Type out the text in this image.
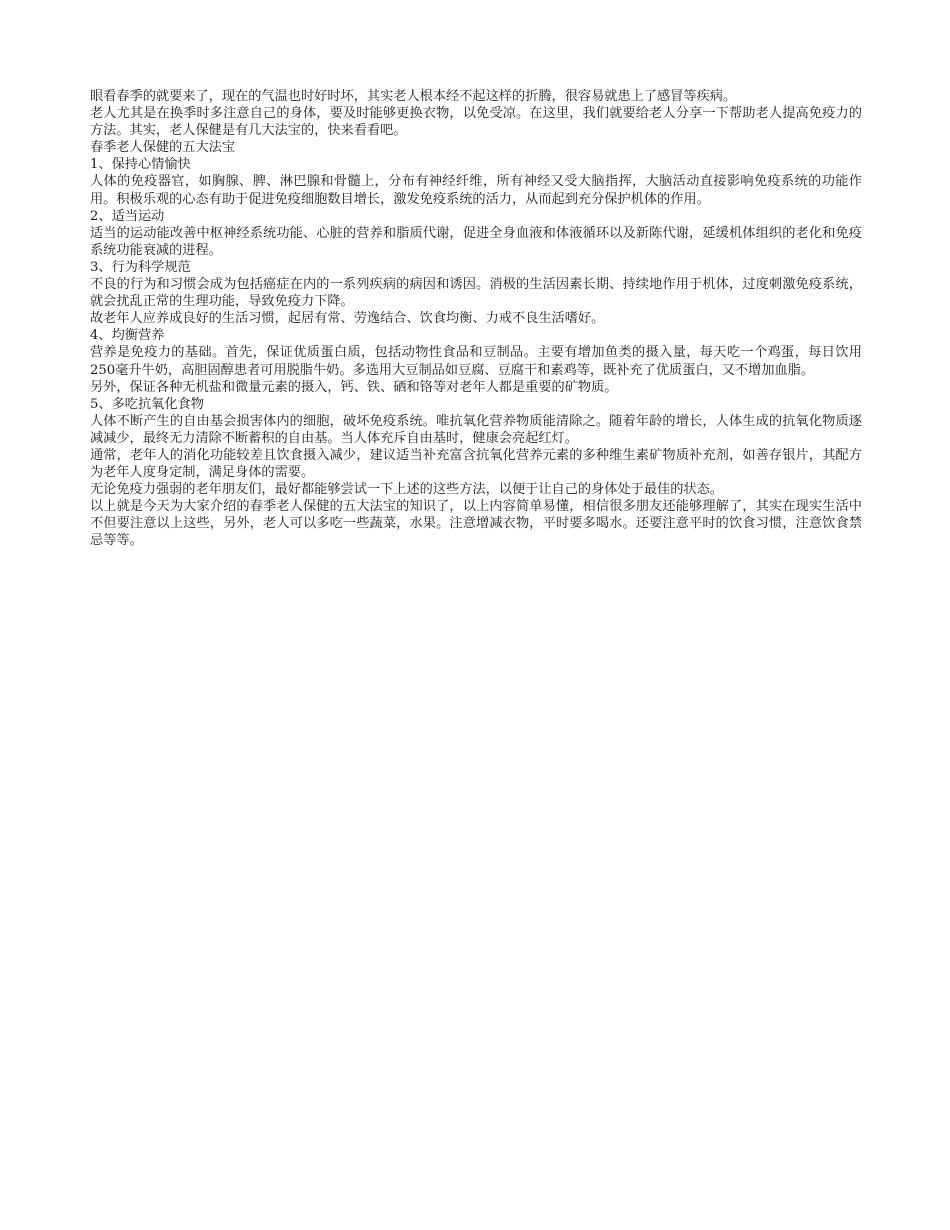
眼看春季的就要来了，现在的气温也时好时坏，其实老人根本经不起这样的折腾，很容易就患上了感冒等疾病。

老人尤其是在换季时多注意自己的身体，要及时能够更换衣物，以免受凉。在这里，我们就要给老人分享一下帮助老人提高免疫力的方法。其实，老人保健是有几大法宝的，快来看看吧。

春季老人保健的五大法宝

1、保持心情愉快

人体的免疫器官，如胸腺、脾、淋巴腺和骨髓上，分布有神经纤维，所有神经又受大脑指挥，大脑活动直接影响免疫系统的功能作用。积极乐观的心态有助于促进免疫细胞数目增长，激发免疫系统的活力，从而起到充分保护机体的作用。

2、适当运动

适当的运动能改善中枢神经系统功能、心脏的营养和脂质代谢，促进全身血液和体液循环以及新陈代谢，延缓机体组织的老化和免疫系统功能衰减的进程。

3、行为科学规范

不良的行为和习惯会成为包括癌症在内的一系列疾病的病因和诱因。消极的生活因素长期、持续地作用于机体，过度刺激免疫系统，就会扰乱正常的生理功能，导致免疫力下降。

故老年人应养成良好的生活习惯，起居有常、劳逸结合、饮食均衡、力戒不良生活嗜好。

4、均衡营养

营养是免疫力的基础。首先，保证优质蛋白质，包括动物性食品和豆制品。主要有增加鱼类的摄入量，每天吃一个鸡蛋，每日饮用250毫升牛奶，高胆固醇患者可用脱脂牛奶。多选用大豆制品如豆腐、豆腐干和素鸡等，既补充了优质蛋白，又不增加血脂。

另外，保证各种无机盐和微量元素的摄入，钙、铁、硒和铬等对老年人都是重要的矿物质。

5、多吃抗氧化食物

人体不断产生的自由基会损害体内的细胞，破坏免疫系统。唯抗氧化营养物质能清除之。随着年龄的增长，人体生成的抗氧化物质逐减减少，最终无力清除不断蓄积的自由基。当人体充斥自由基时，健康会亮起红灯。

通常，老年人的消化功能较差且饮食摄入减少，建议适当补充富含抗氧化营养元素的多种维生素矿物质补充剂，如善存银片，其配方为老年人度身定制，满足身体的需要。

无论免疫力强弱的老年朋友们，最好都能够尝试一下上述的这些方法，以便于让自己的身体处于最佳的状态。

以上就是今天为大家介绍的春季老人保健的五大法宝的知识了，以上内容简单易懂，相信很多朋友还能够理解了，其实在现实生活中不但要注意以上这些，另外，老人可以多吃一些蔬菜，水果。注意增减衣物，平时要多喝水。还要注意平时的饮食习惯，注意饮食禁忌等等。
